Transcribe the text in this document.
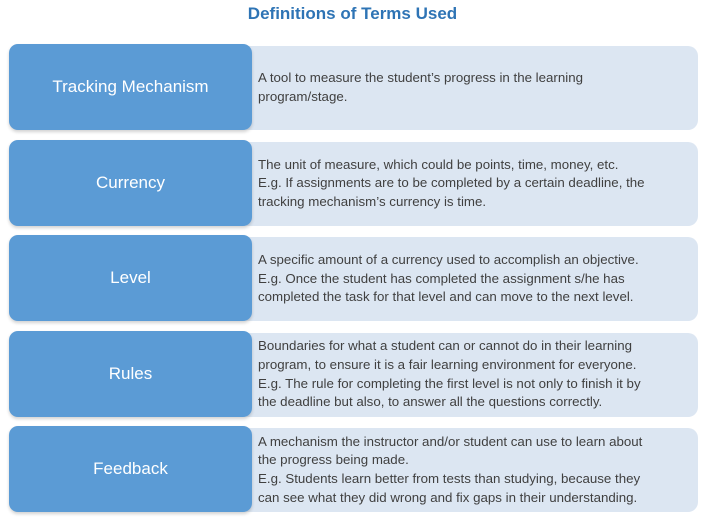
Definitions of Terms Used
A tool to measure the student’s progress in the learning
program/stage.
Tracking Mechanism
The unit of measure, which could be points, time, money, etc.
E.g. If assignments are to be completed by a certain deadline, the
tracking mechanism’s currency is time.
Currency
A specific amount of a currency used to accomplish an objective.
E.g. Once the student has completed the assignment s/he has
completed the task for that level and can move to the next level.
Level
Boundaries for what a student can or cannot do in their learning
program, to ensure it is a fair learning environment for everyone.
E.g. The rule for completing the first level is not only to finish it by
the deadline but also, to answer all the questions correctly.
Rules
A mechanism the instructor and/or student can use to learn about
the progress being made.
E.g. Students learn better from tests than studying, because they
can see what they did wrong and fix gaps in their understanding.
Feedback
